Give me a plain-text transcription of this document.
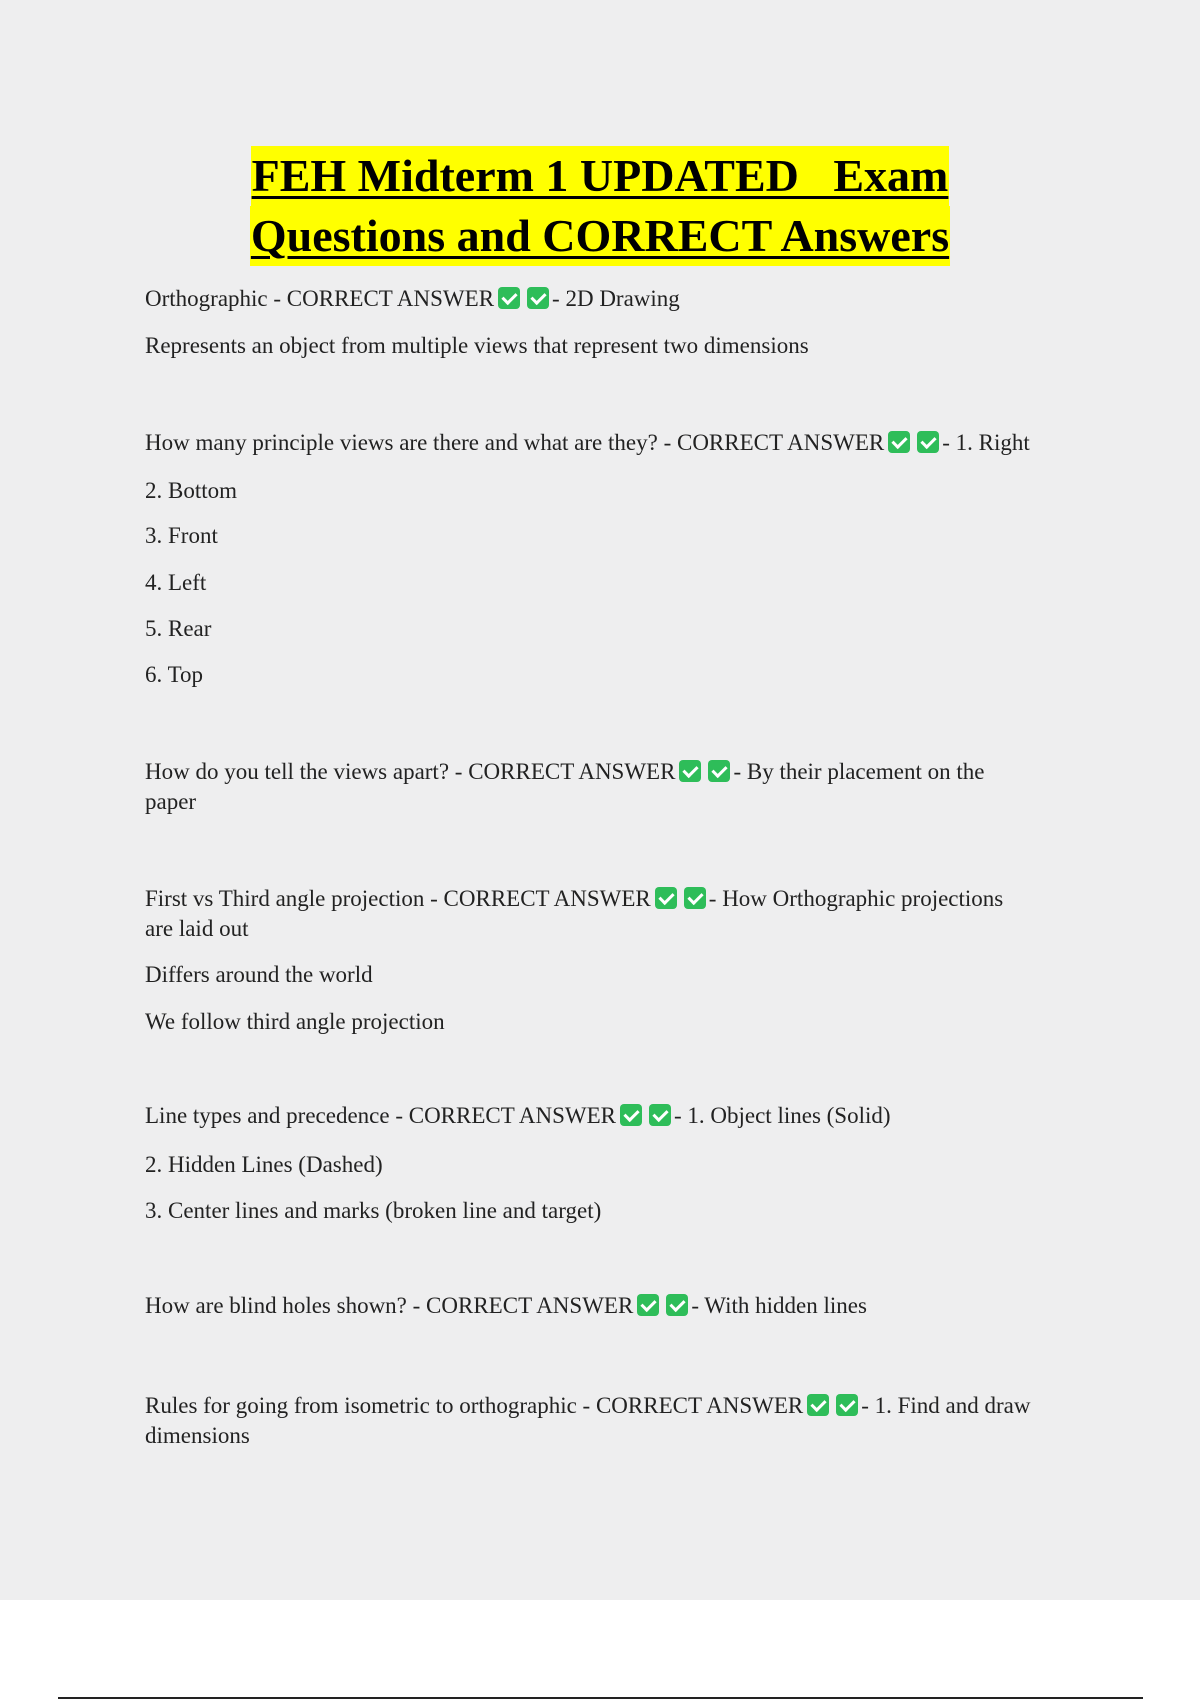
FEH Midterm 1 UPDATED   Exam
Questions and CORRECT Answers
Orthographic - CORRECT ANSWER	- 2D Drawing
Represents an object from multiple views that represent two dimensions
How many principle views are there and what are they? - CORRECT ANSWER	- 1. Right
2. Bottom
3. Front
4. Left
5. Rear
6. Top
How do you tell the views apart? - CORRECT ANSWER	- By their placement on the
paper
First vs Third angle projection - CORRECT ANSWER	- How Orthographic projections
are laid out
Differs around the world
We follow third angle projection
Line types and precedence - CORRECT ANSWER	- 1. Object lines (Solid)
2. Hidden Lines (Dashed)
3. Center lines and marks (broken line and target)
How are blind holes shown? - CORRECT ANSWER	- With hidden lines
Rules for going from isometric to orthographic - CORRECT ANSWER	- 1. Find and draw
dimensions
